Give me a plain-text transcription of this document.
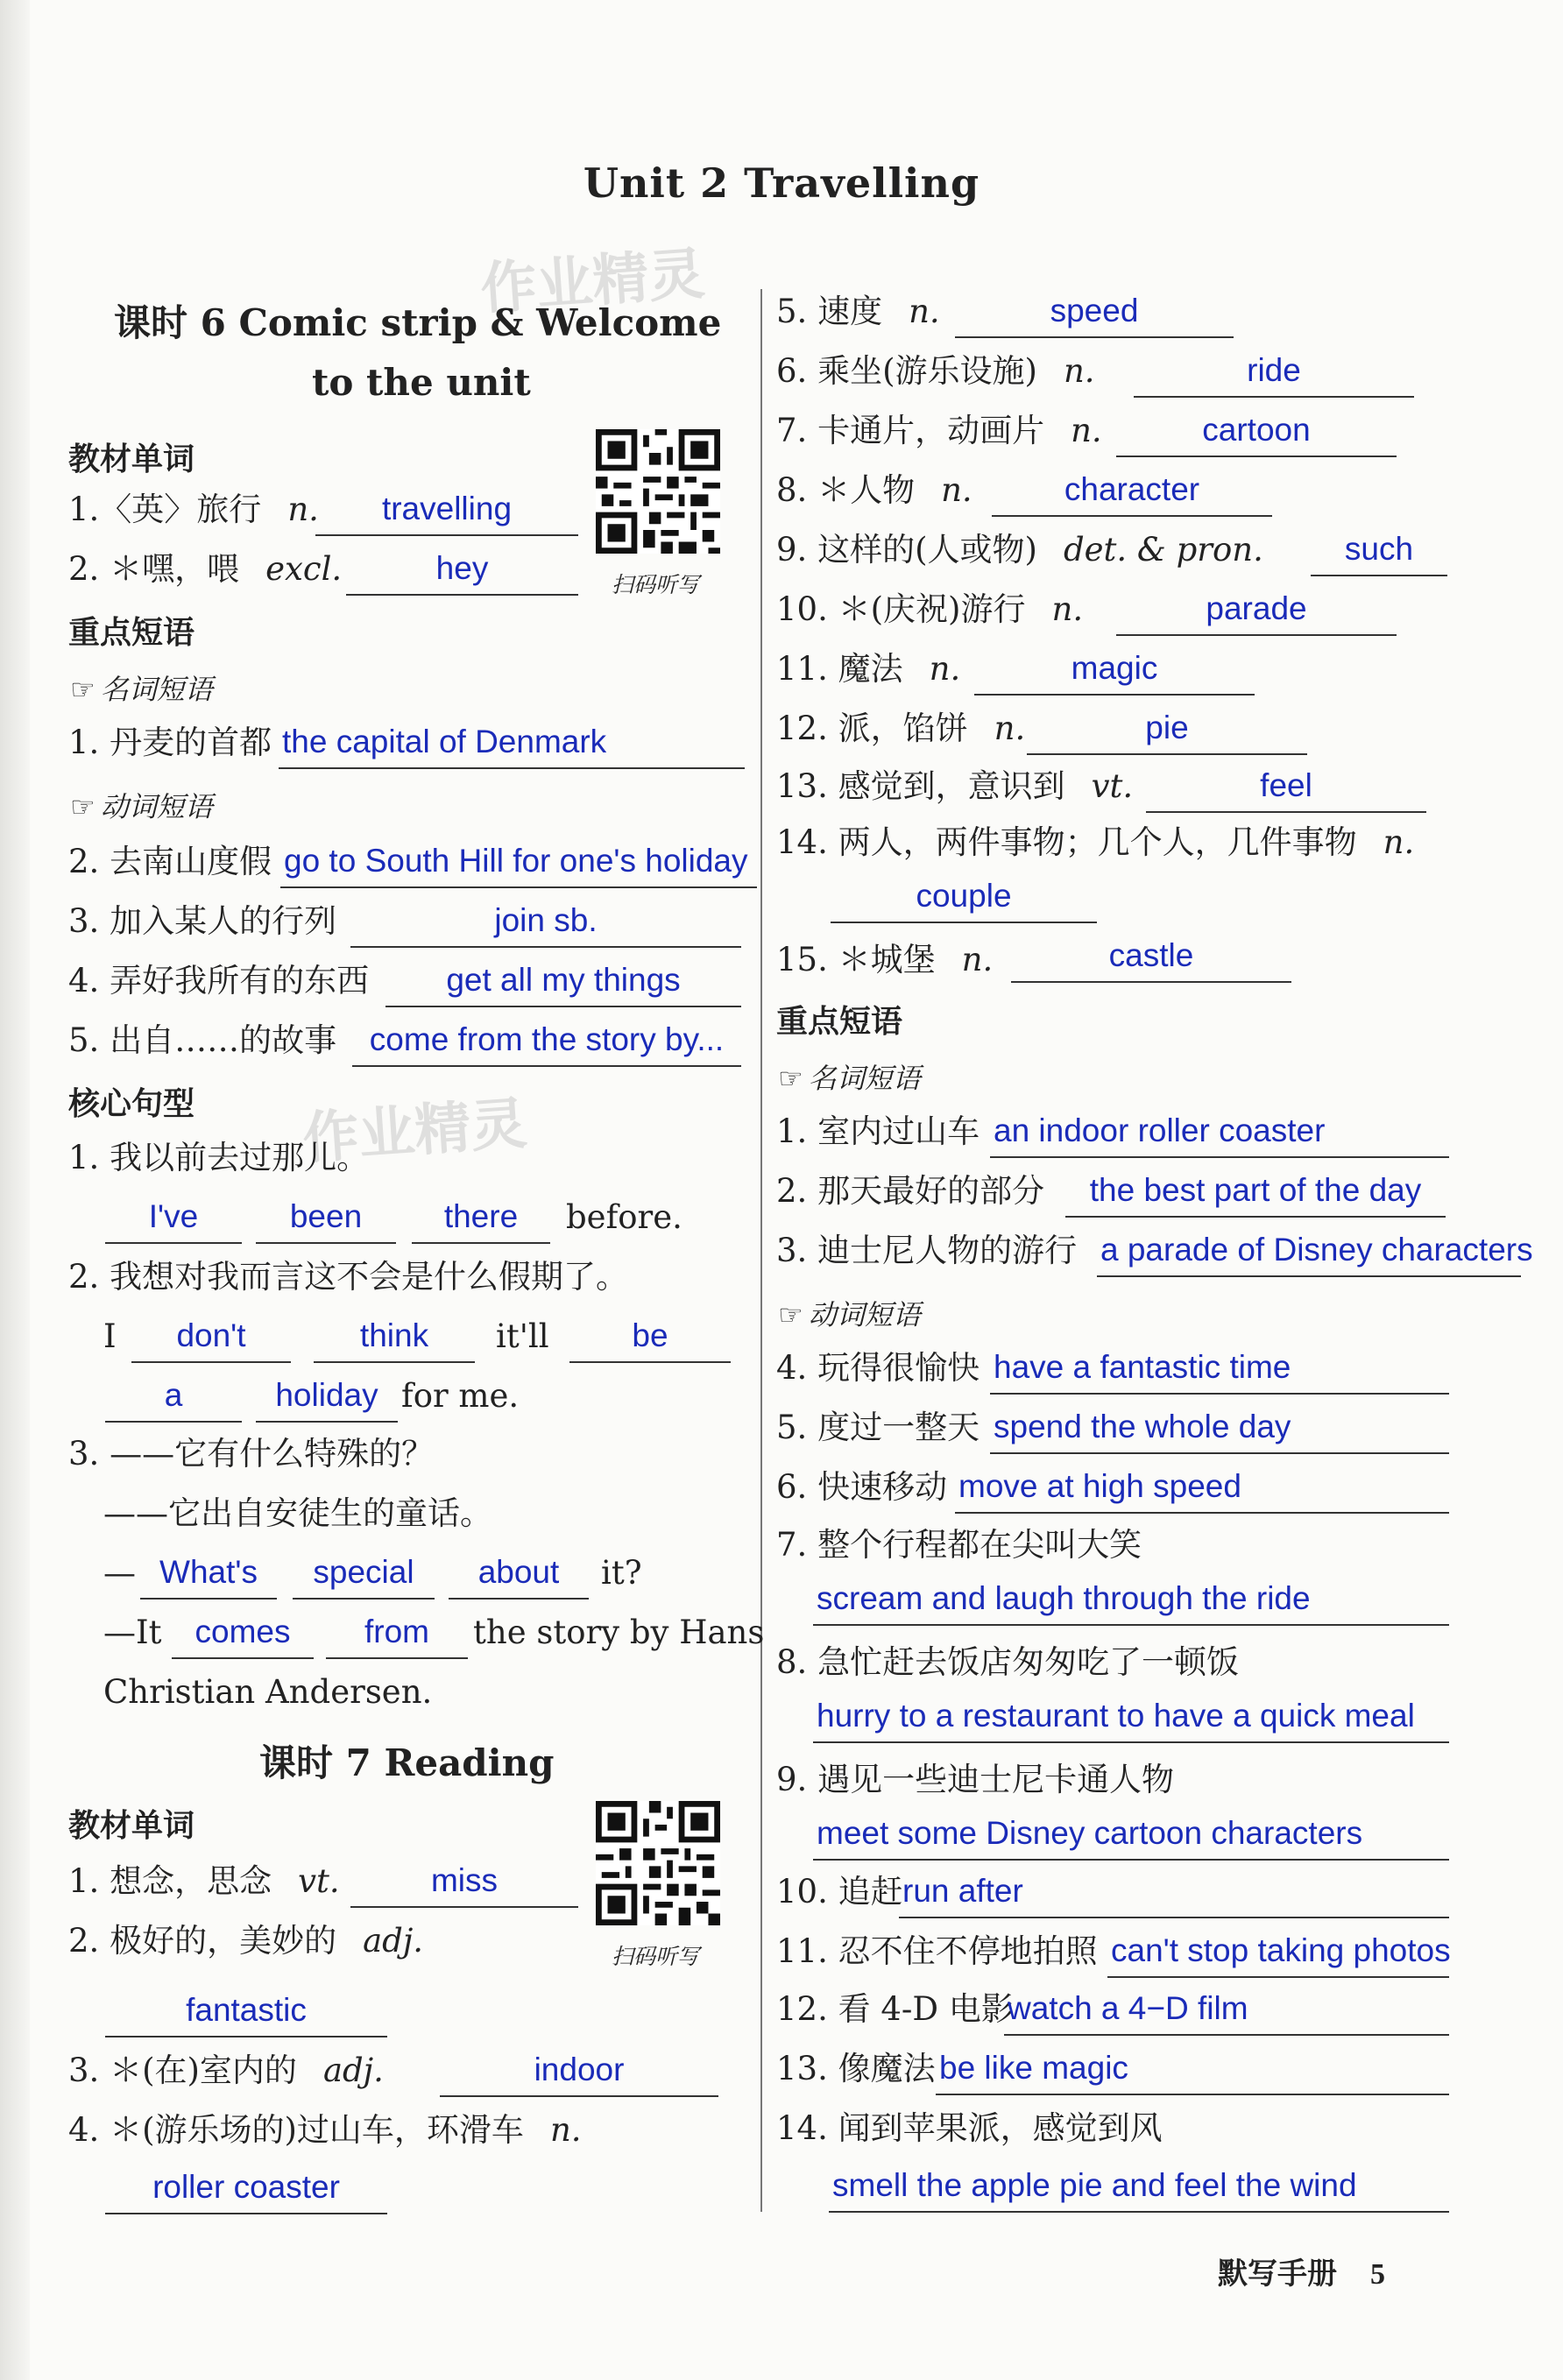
Unit 2 Travelling
作业精灵
作业精灵
课时 6 Comic strip & Welcome
to the unit
教材单词
扫码听写
1.〈英〉旅行 n.	travelling
2. ＊嘿，喂 excl.	hey
重点短语
☞ 名词短语
1. 丹麦的首都 the capital of Denmark
☞ 动词短语
2. 去南山度假 go to South Hill for one's holiday
3. 加入某人的行列	join sb.
4. 弄好我所有的东西	get all my things
5. 出自……的故事	come from the story by...
核心句型
1. 我以前去过那儿。
I've	been	there	before.
2. 我想对我而言这不会是什么假期了。
I	don't	think	it'll	be
a	holiday for me.
3. ——它有什么特殊的？
——它出自安徒生的童话。
— What's	special	about	it?
—It	comes	from	the story by Hans
Christian Andersen.
课时 7 Reading
教材单词
扫码听写
1. 想念，思念 vt.	miss
2. 极好的，美妙的 adj.
fantastic
3. ＊(在)室内的 adj.	indoor
4. ＊(游乐场的)过山车，环滑车 n.
roller coaster
5. 速度 n.	speed
6. 乘坐(游乐设施) n.	ride
7. 卡通片，动画片 n.	cartoon
8. ＊人物 n.	character
9. 这样的(人或物) det. & pron.	such
10. ＊(庆祝)游行 n.	parade
11. 魔法 n.	magic
12. 派，馅饼 n.	pie
13. 感觉到，意识到 vt.	feel
14. 两人，两件事物；几个人，几件事物 n.
couple
15. ＊城堡 n.	castle
重点短语
☞ 名词短语
1. 室内过山车 an indoor roller coaster
2. 那天最好的部分	the best part of the day
3. 迪士尼人物的游行 a parade of Disney characters
☞ 动词短语
4. 玩得很愉快 have a fantastic time
5. 度过一整天 spend the whole day
6. 快速移动 move at high speed
7. 整个行程都在尖叫大笑
scream and laugh through the ride
8. 急忙赶去饭店匆匆吃了一顿饭
hurry to a restaurant to have a quick meal
9. 遇见一些迪士尼卡通人物
meet some Disney cartoon characters
10. 追赶 run after
11. 忍不住不停地拍照 can't stop taking photos
12. 看 4-D 电影
watch a 4−D film
13. 像魔法 be like magic
14. 闻到苹果派，感觉到风
smell the apple pie and feel the wind
默写手册 5
